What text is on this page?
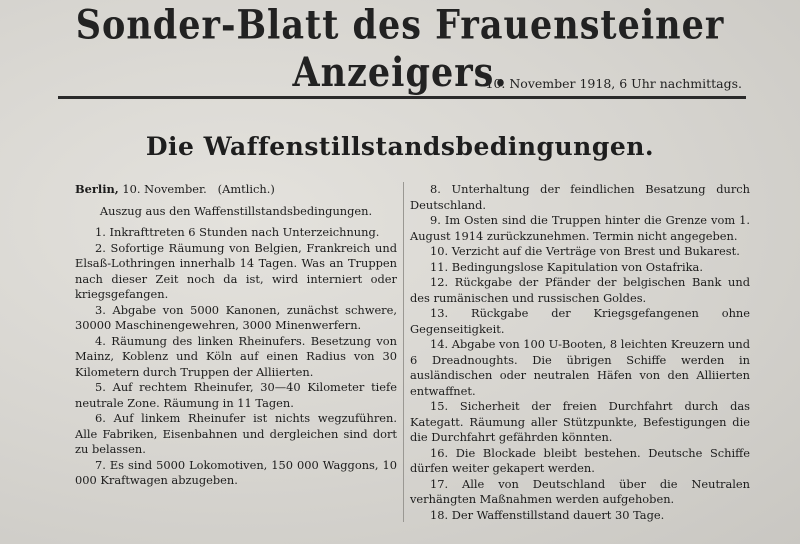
Sonder-Blatt des Frauensteiner Anzeigers.
10. November 1918, 6 Uhr nachmittags.
Die Waffenstillstandsbedingungen.

Berlin, 10. November. (Amtlich.)

Auszug aus den Waffenstillstandsbedingungen.

1. Inkrafttreten 6 Stunden nach Unterzeichnung.

2. Sofortige Räumung von Belgien, Frankreich und Elsaß-Lothringen innerhalb 14 Tagen. Was an Truppen nach dieser Zeit noch da ist, wird interniert oder kriegsgefangen.

3. Abgabe von 5000 Kanonen, zunächst schwere, 30000 Maschinengewehren, 3000 Minenwerfern.

4. Räumung des linken Rheinufers. Besetzung von Mainz, Koblenz und Köln auf einen Radius von 30 Kilometern durch Truppen der Alliierten.

5. Auf rechtem Rheinufer, 30—40 Kilometer tiefe neutrale Zone. Räumung in 11 Tagen.

6. Auf linkem Rheinufer ist nichts wegzuführen. Alle Fabriken, Eisenbahnen und dergleichen sind dort zu belassen.

7. Es sind 5000 Lokomotiven, 150 000 Waggons, 10 000 Kraftwagen abzugeben.

8. Unterhaltung der feindlichen Besatzung durch Deutschland.

9. Im Osten sind die Truppen hinter die Grenze vom 1. August 1914 zurückzunehmen. Termin nicht angegeben.

10. Verzicht auf die Verträge von Brest und Bukarest.

11. Bedingungslose Kapitulation von Ostafrika.

12. Rückgabe der Pfänder der belgischen Bank und des rumänischen und russischen Goldes.

13. Rückgabe der Kriegsgefangenen ohne Gegenseitigkeit.

14. Abgabe von 100 U-Booten, 8 leichten Kreuzern und 6 Dreadnoughts. Die übrigen Schiffe werden in ausländischen oder neutralen Häfen von den Alliierten entwaffnet.

15. Sicherheit der freien Durchfahrt durch das Kategatt. Räumung aller Stützpunkte, Befestigungen die die Durchfahrt gefährden könnten.

16. Die Blockade bleibt bestehen. Deutsche Schiffe dürfen weiter gekapert werden.

17. Alle von Deutschland über die Neutralen verhängten Maßnahmen werden aufgehoben.

18. Der Waffenstillstand dauert 30 Tage.
